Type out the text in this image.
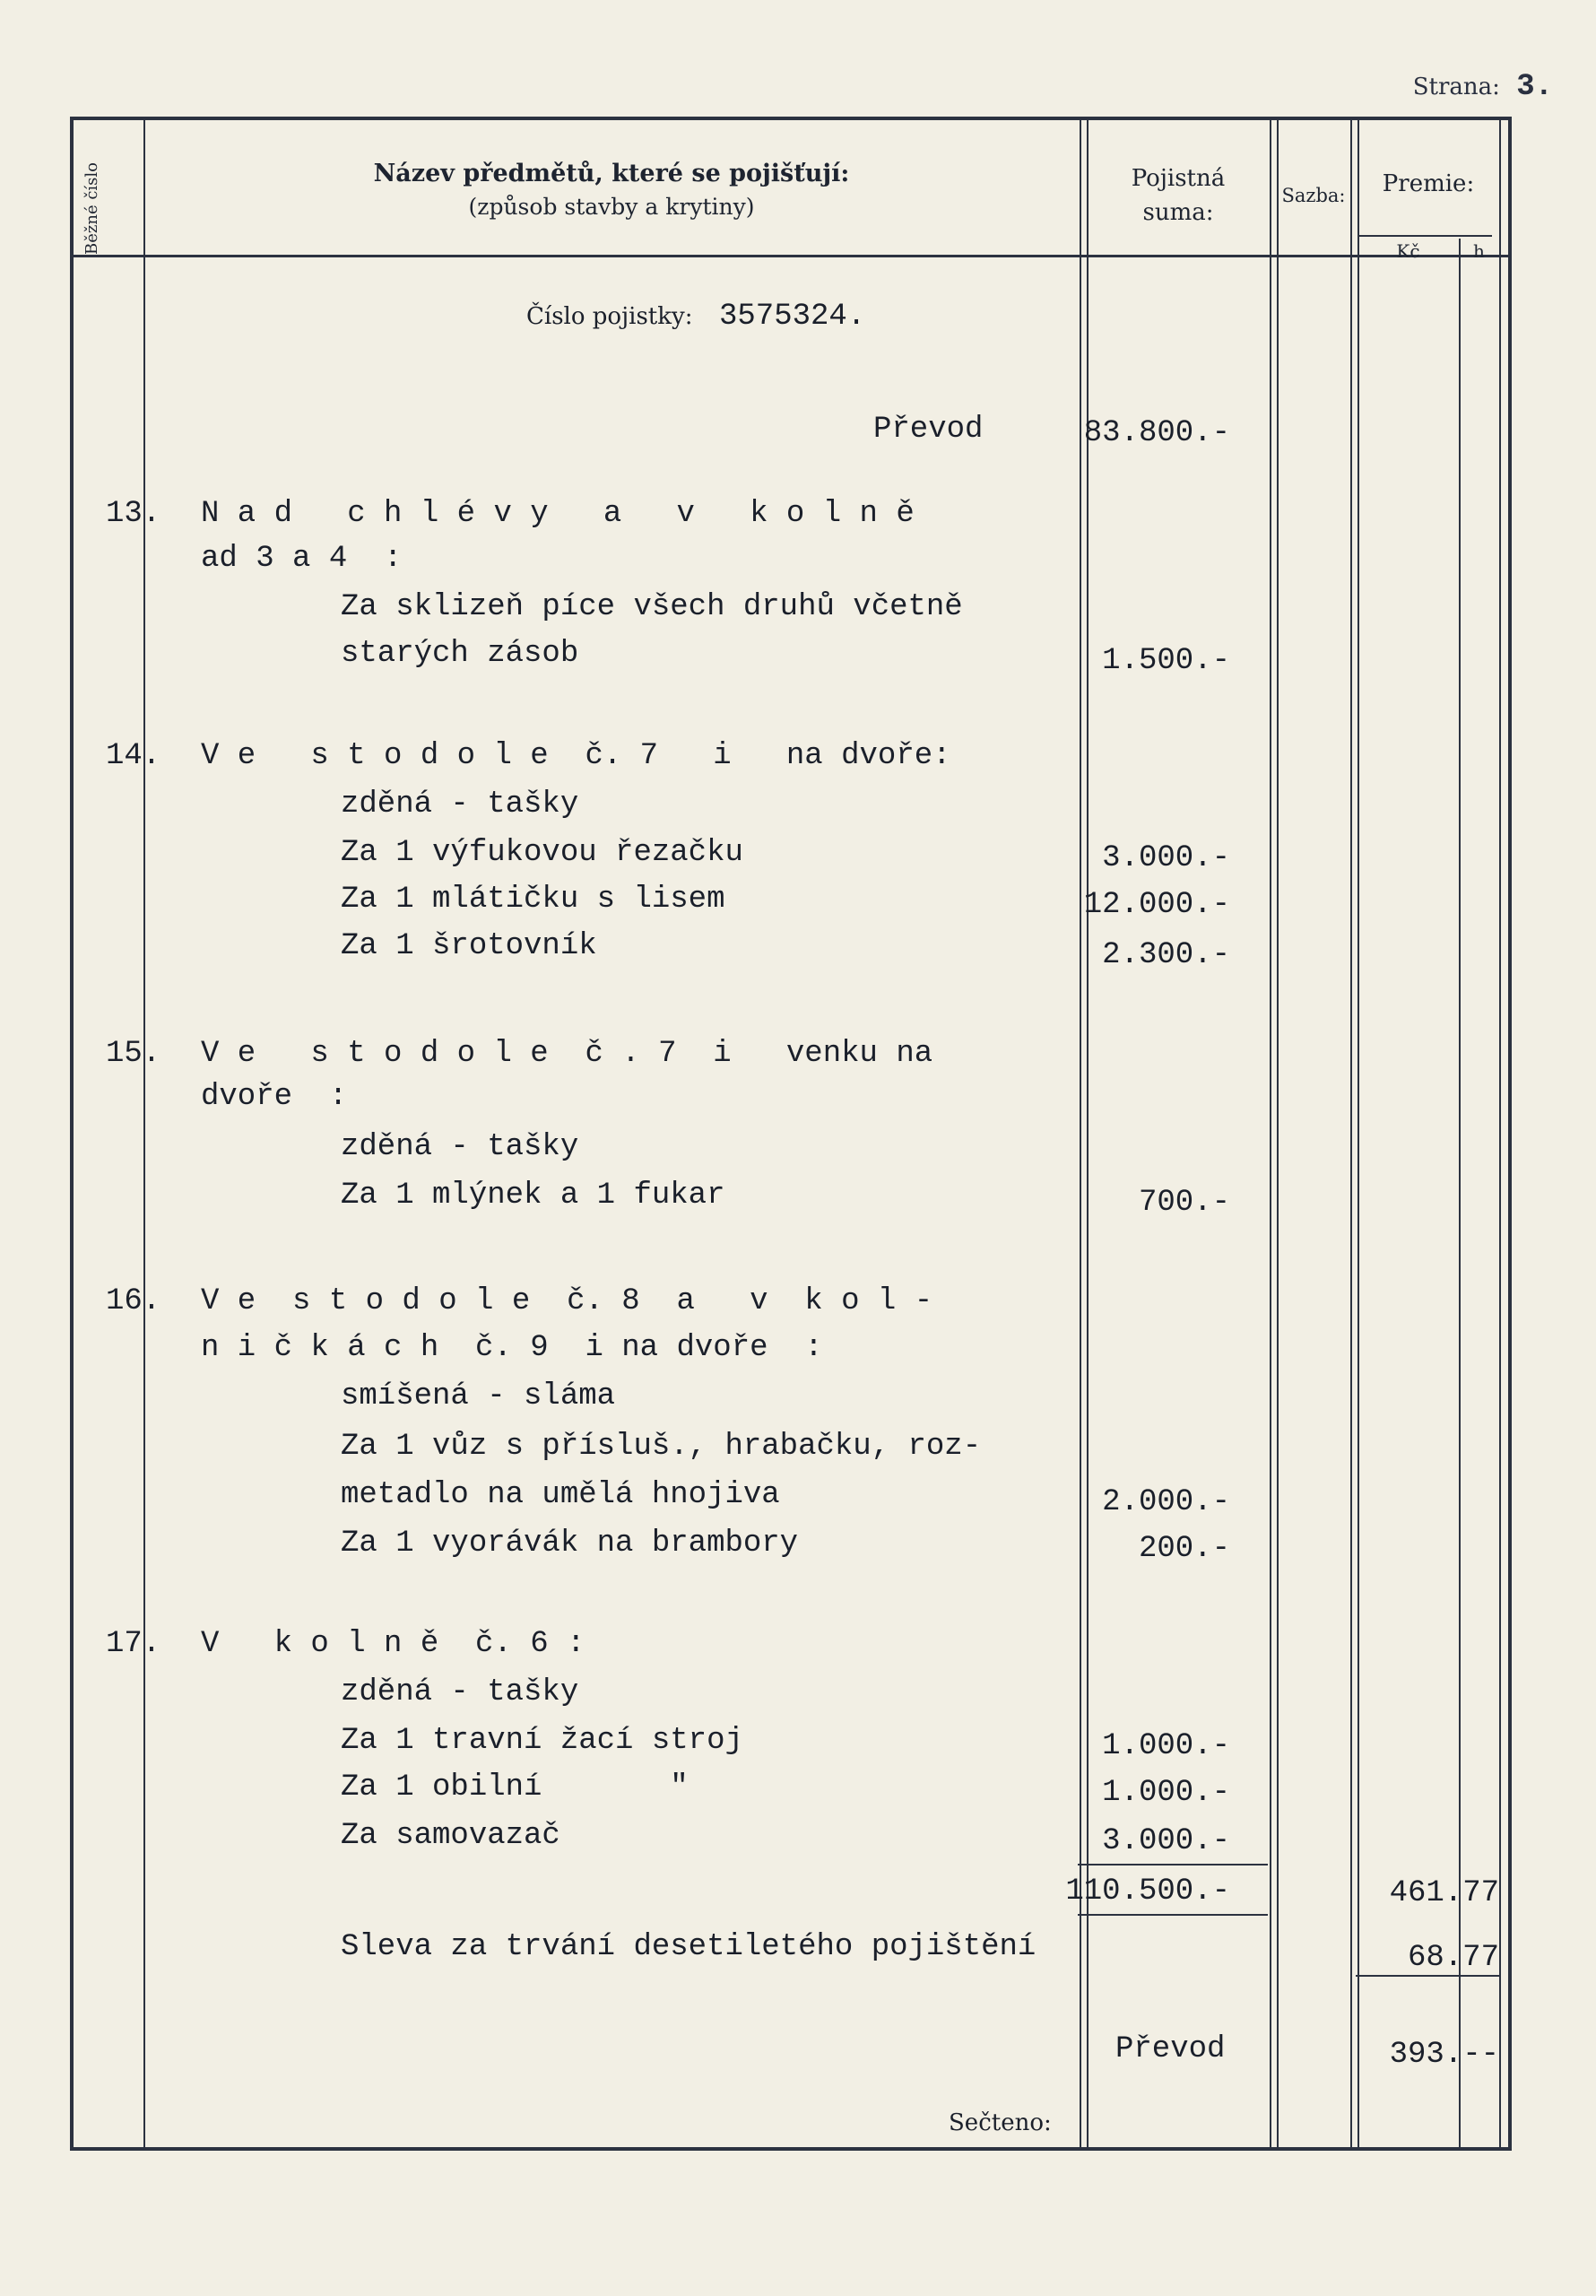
Strana: 3.
Běžné číslo	Název předmětů, které se pojišťují:
(způsob stavby a krytiny)
Pojistná
suma:
Sazba:	Premie:
Kč	h
Číslo pojistky: 3575324.
Převod	83.800.-
13. N a d   c h l é v y   a   v   k o l n ě
ad 3 a 4  :
Za sklizeň píce všech druhů včetně
starých zásob	1.500.-
14. V e   s t o d o l e  č. 7   i   na dvoře:
zděná - tašky
Za 1 výfukovou řezačku	3.000.-
Za 1 mlátičku s lisem	12.000.-
Za 1 šrotovník	2.300.-
15. V e   s t o d o l e  č . 7  i   venku na
dvoře  :
zděná - tašky
Za 1 mlýnek a 1 fukar	700.-
16. V e  s t o d o l e  č. 8  a   v  k o l -
n i č k á c h  č. 9  i na dvoře  :
smíšená - sláma
Za 1 vůz s přísluš., hrabačku, roz-
metadlo na umělá hnojiva	2.000.-
Za 1 vyorávák na brambory	200.-
17. V   k o l n ě  č. 6 :
zděná - tašky
Za 1 travní žací stroj	1.000.-
Za 1 obilní       "	1.000.-
Za samovazač	3.000.-
110.500.-	461.77
Sleva za trvání desetiletého pojištění	68.77
Převod	393.--
Sečteno:
